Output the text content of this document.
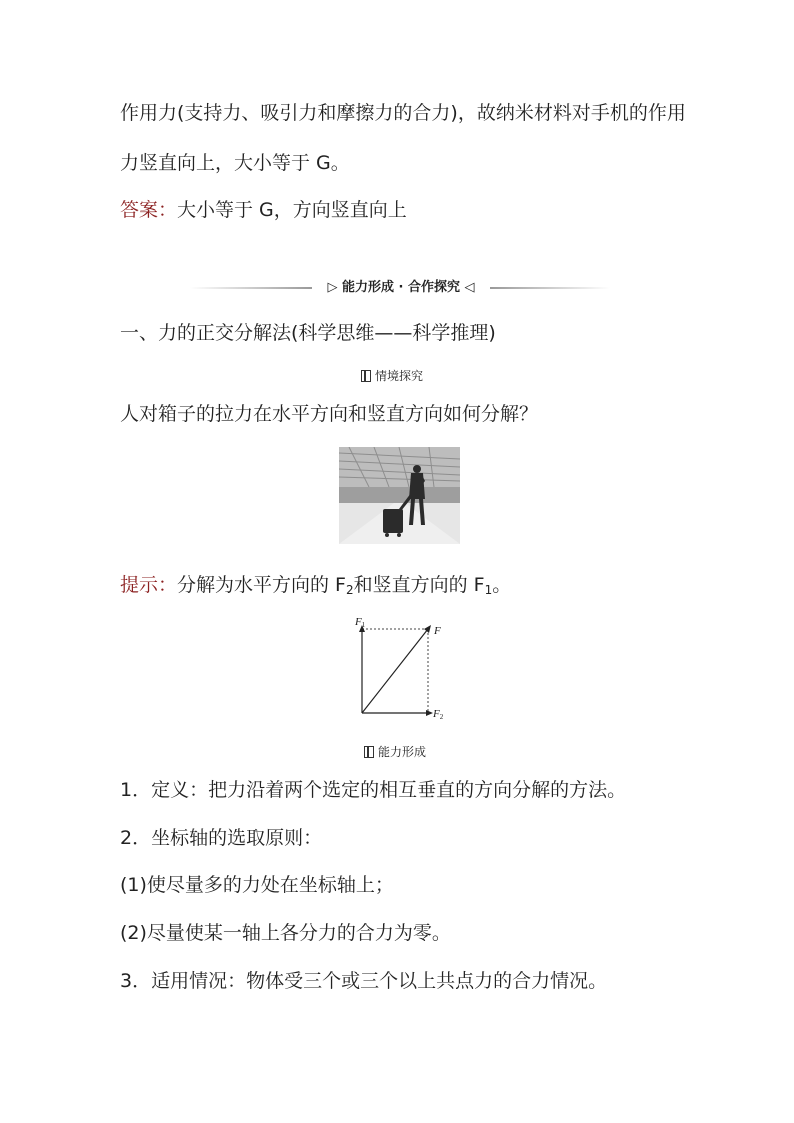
作用力(支持力、吸引力和摩擦力的合力)，故纳米材料对手机的作用
力竖直向上，大小等于 G。
答案：大小等于 G，方向竖直向上
▷ 能力形成 · 合作探究 ◁
一、力的正交分解法(科学思维——科学推理)
情境探究
人对箱子的拉力在水平方向和竖直方向如何分解？
提示：分解为水平方向的 $F_2$和竖直方向的 $F_1$。
F1	F
F2
能力形成
1．定义：把力沿着两个选定的相互垂直的方向分解的方法。
2．坐标轴的选取原则：
(1)使尽量多的力处在坐标轴上；
(2)尽量使某一轴上各分力的合力为零。
3．适用情况：物体受三个或三个以上共点力的合力情况。
